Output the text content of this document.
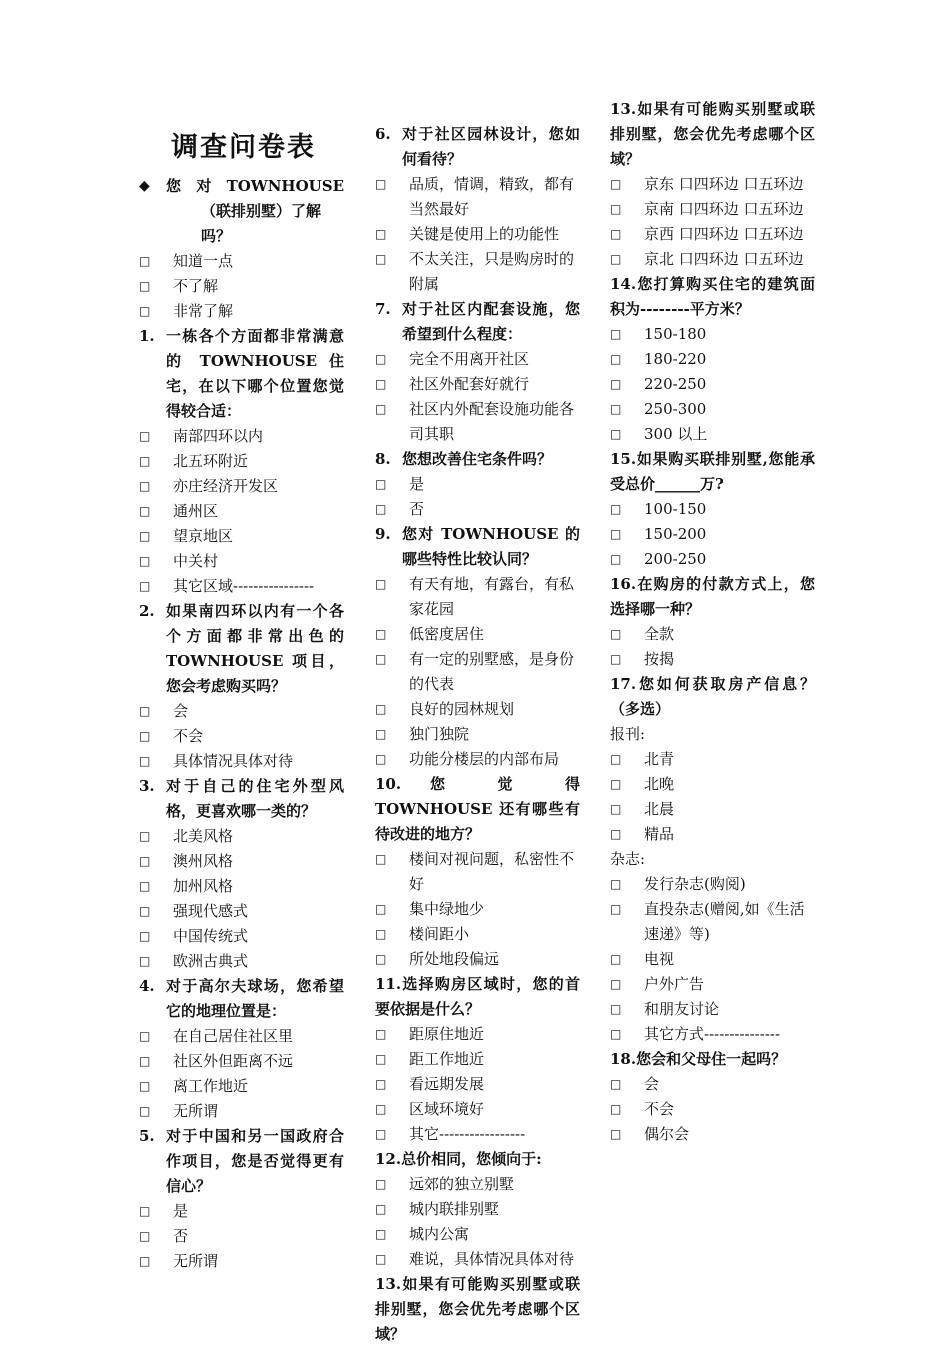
调查问卷表
◆	您 对 TOWNHOUSE
（联排别墅）了解吗？
□	知道一点
□	不了解
□	非常了解
1. 一栋各个方面都非常满意的 TOWNHOUSE 住宅，在以下哪个位置您觉得较合适：
□	南部四环以内
□	北五环附近
□	亦庄经济开发区
□	通州区
□	望京地区
□	中关村
□	其它区域----------------
2. 如果南四环以内有一个各个方面都非常出色的 TOWNHOUSE 项目，您会考虑购买吗？
□	会
□	不会
□	具体情况具体对待
3. 对于自己的住宅外型风格，更喜欢哪一类的？
□	北美风格
□	澳州风格
□	加州风格
□	强现代感式
□	中国传统式
□	欧洲古典式
4. 对于高尔夫球场，您希望它的地理位置是：
□	在自己居住社区里
□	社区外但距离不远
□	离工作地近
□	无所谓
5. 对于中国和另一国政府合作项目，您是否觉得更有信心？
□	是
□	否
□	无所谓
6. 对于社区园林设计，您如何看待？
□	品质，情调，精致，都有当然最好
□	关键是使用上的功能性
□	不太关注，只是购房时的附属
7. 对于社区内配套设施，您希望到什么程度：
□	完全不用离开社区
□	社区外配套好就行
□	社区内外配套设施功能各司其职
8. 您想改善住宅条件吗？
□	是
□	否
9. 您对 TOWNHOUSE 的哪些特性比较认同？
□	有天有地，有露台，有私家花园
□	低密度居住
□	有一定的别墅感，是身份的代表
□	良好的园林规划
□	独门独院
□	功能分楼层的内部布局
10. 您 觉 得 TOWNHOUSE 还有哪些有待改进的地方？
□	楼间对视问题，私密性不好
□	集中绿地少
□	楼间距小
□	所处地段偏远
11.选择购房区域时，您的首要依据是什么？
□	距原住地近
□	距工作地近
□	看远期发展
□	区域环境好
□	其它-----------------
12.总价相同，您倾向于:
□	远郊的独立别墅
□	城内联排别墅
□	城内公寓
□	难说，具体情况具体对待
13.如果有可能购买别墅或联排别墅，您会优先考虑哪个区域？
13.如果有可能购买别墅或联排别墅，您会优先考虑哪个区域？
□	京东 口四环边 口五环边
□	京南 口四环边 口五环边
□	京西 口四环边 口五环边
□	京北 口四环边 口五环边
14.您打算购买住宅的建筑面积为--------平方米？
□	150-180
□	180-220
□	220-250
□	250-300
□	300 以上
15.如果购买联排别墅,您能承受总价______万?
□	100-150
□	150-200
□	200-250
16.在购房的付款方式上，您选择哪一种？
□	全款
□	按揭
17.您如何获取房产信息？（多选）
报刊:
□	北青
□	北晚
□	北晨
□	精品
杂志:
□	发行杂志(购阅)
□	直投杂志(赠阅,如《生活速递》等)
□	电视
□	户外广告
□	和朋友讨论
□	其它方式---------------
18.您会和父母住一起吗？
□	会
□	不会
□	偶尔会
